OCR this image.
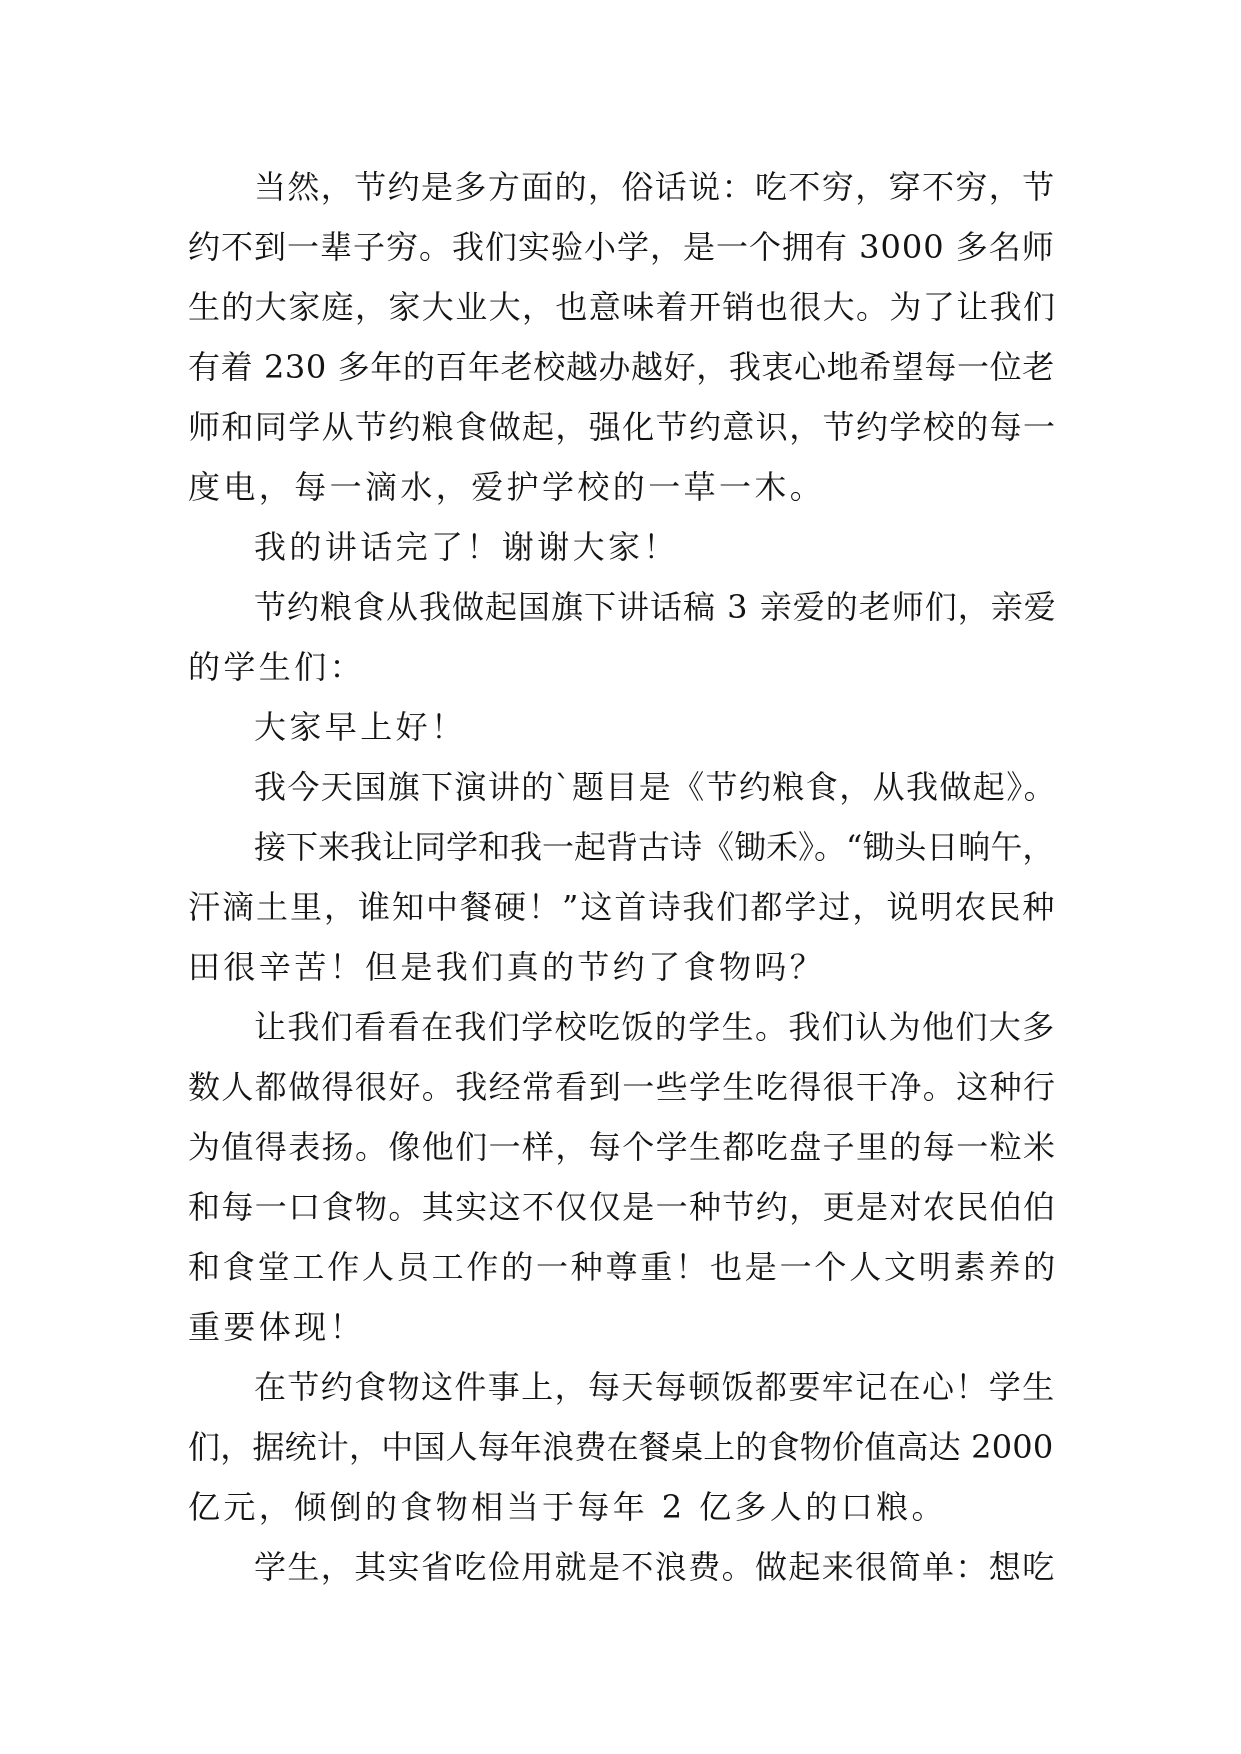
当然，节约是多方面的，俗话说：吃不穷，穿不穷，节
约不到一辈子穷。我们实验小学，是一个拥有 3000 多名师
生的大家庭，家大业大，也意味着开销也很大。为了让我们
有着 230 多年的百年老校越办越好，我衷心地希望每一位老
师和同学从节约粮食做起，强化节约意识，节约学校的每一
度电，每一滴水，爱护学校的一草一木。
我的讲话完了！谢谢大家！
节约粮食从我做起国旗下讲话稿 3 亲爱的老师们，亲爱
的学生们：
大家早上好！
我今天国旗下演讲的`题目是《节约粮食，从我做起》。
接下来我让同学和我一起背古诗《锄禾》。“锄头日晌午，
汗滴土里，谁知中餐硬！”这首诗我们都学过，说明农民种
田很辛苦！但是我们真的节约了食物吗？
让我们看看在我们学校吃饭的学生。我们认为他们大多
数人都做得很好。我经常看到一些学生吃得很干净。这种行
为值得表扬。像他们一样，每个学生都吃盘子里的每一粒米
和每一口食物。其实这不仅仅是一种节约，更是对农民伯伯
和食堂工作人员工作的一种尊重！也是一个人文明素养的
重要体现！
在节约食物这件事上，每天每顿饭都要牢记在心！学生
们，据统计，中国人每年浪费在餐桌上的食物价值高达 2000
亿元，倾倒的食物相当于每年 2 亿多人的口粮。
学生，其实省吃俭用就是不浪费。做起来很简单：想吃
